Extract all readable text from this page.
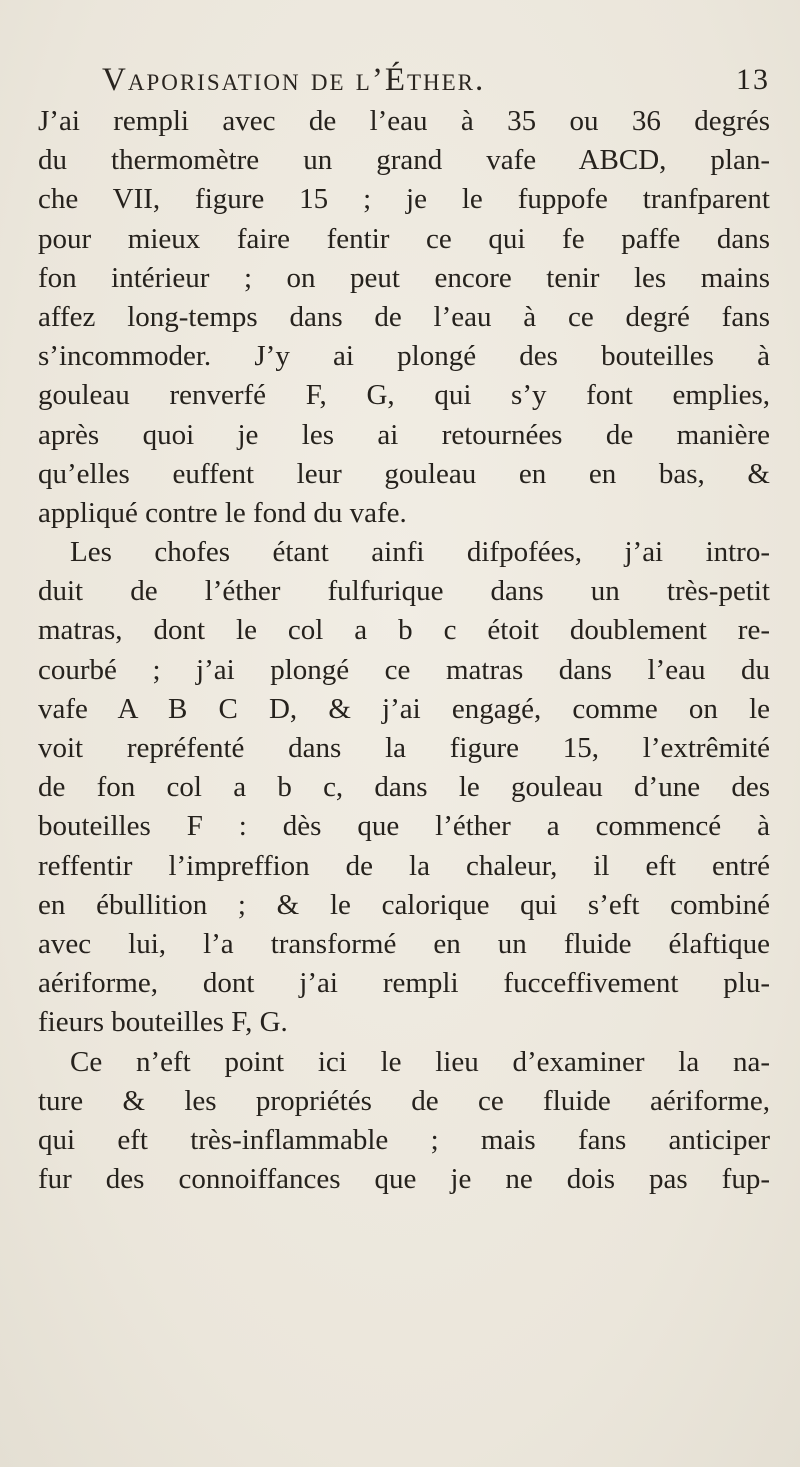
Vaporisation de l’Éther.	13
J’ai rempli avec de l’eau à 35 ou 36 degrés
du thermomètre un grand vafe ABCD, plan-
che VII, figure 15 ; je le fuppofe tranfparent
pour mieux faire fentir ce qui fe paffe dans
fon intérieur ; on peut encore tenir les mains
affez long-temps dans de l’eau à ce degré fans
s’incommoder. J’y ai plongé des bouteilles à
gouleau renverfé F, G, qui s’y font emplies,
après quoi je les ai retournées de manière
qu’elles euffent leur gouleau en en bas, &
appliqué contre le fond du vafe.
Les chofes étant ainfi difpofées, j’ai intro-
duit de l’éther fulfurique dans un très-petit
matras, dont le col a b c étoit doublement re-
courbé ; j’ai plongé ce matras dans l’eau du
vafe A B C D, & j’ai engagé, comme on le
voit repréfenté dans la figure 15, l’extrêmité
de fon col a b c, dans le gouleau d’une des
bouteilles F : dès que l’éther a commencé à
reffentir l’impreffion de la chaleur, il eft entré
en ébullition ; & le calorique qui s’eft combiné
avec lui, l’a transformé en un fluide élaftique
aériforme, dont j’ai rempli fucceffivement plu-
fieurs bouteilles F, G.
Ce n’eft point ici le lieu d’examiner la na-
ture & les propriétés de ce fluide aériforme,
qui eft très-inflammable ; mais fans anticiper
fur des connoiffances que je ne dois pas fup-
